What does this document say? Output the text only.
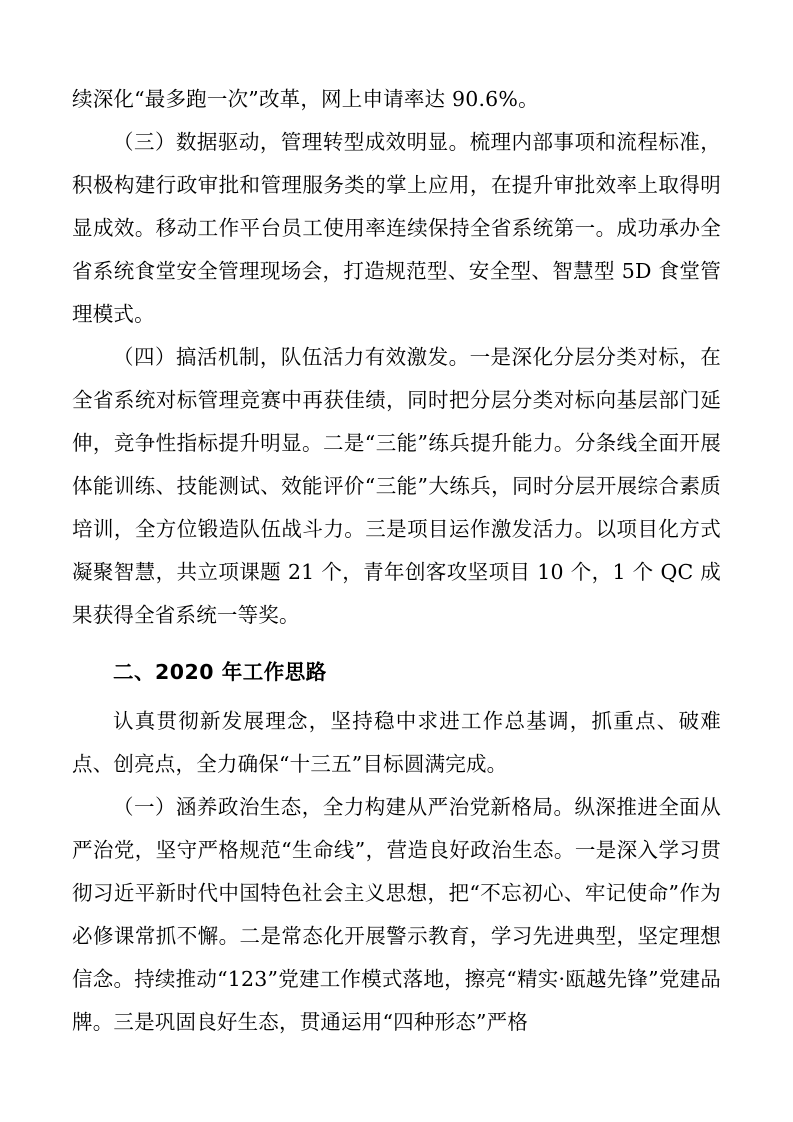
续深化“最多跑一次”改革，网上申请率达 90.6%。

（三）数据驱动，管理转型成效明显。梳理内部事项和流程标准，积极构建行政审批和管理服务类的掌上应用，在提升审批效率上取得明显成效。移动工作平台员工使用率连续保持全省系统第一。成功承办全省系统食堂安全管理现场会，打造规范型、安全型、智慧型 5D 食堂管理模式。

（四）搞活机制，队伍活力有效激发。一是深化分层分类对标，在全省系统对标管理竞赛中再获佳绩，同时把分层分类对标向基层部门延伸，竞争性指标提升明显。二是“三能”练兵提升能力。分条线全面开展体能训练、技能测试、效能评价“三能”大练兵，同时分层开展综合素质培训，全方位锻造队伍战斗力。三是项目运作激发活力。以项目化方式凝聚智慧，共立项课题 21 个，青年创客攻坚项目 10 个，1 个 QC 成果获得全省系统一等奖。

二、2020 年工作思路

认真贯彻新发展理念，坚持稳中求进工作总基调，抓重点、破难点、创亮点，全力确保“十三五”目标圆满完成。

（一）涵养政治生态，全力构建从严治党新格局。纵深推进全面从严治党，坚守严格规范“生命线”，营造良好政治生态。一是深入学习贯彻习近平新时代中国特色社会主义思想，把“不忘初心、牢记使命”作为必修课常抓不懈。二是常态化开展警示教育，学习先进典型，坚定理想信念。持续推动“123”党建工作模式落地，擦亮“精实·瓯越先锋”党建品牌。三是巩固良好生态，贯通运用“四种形态”严格
